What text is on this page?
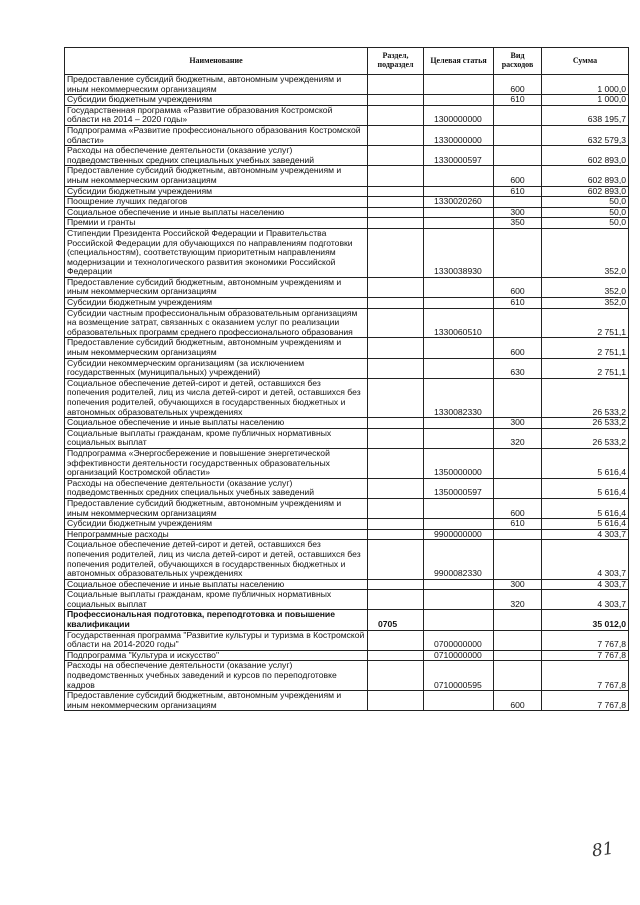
Наименование	Раздел, подраздел	Целевая статья	Вид расходов	Сумма
Предоставление субсидий бюджетным, автономным учреждениям и иным некоммерческим организациям			600	1 000,0
Субсидии бюджетным учреждениям			610	1 000,0
Государственная программа «Развитие образования Костромской области на 2014 – 2020 годы»		1300000000		638 195,7
Подпрограмма «Развитие профессионального образования Костромской области»		1330000000		632 579,3
Расходы на обеспечение деятельности (оказание услуг) подведомственных средних специальных учебных заведений		1330000597		602 893,0
Предоставление субсидий бюджетным, автономным учреждениям и иным некоммерческим организациям			600	602 893,0
Субсидии бюджетным учреждениям			610	602 893,0
Поощрение лучших педагогов		1330020260		50,0
Социальное обеспечение и иные выплаты населению			300	50,0
Премии и гранты			350	50,0
Стипендии Президента Российской Федерации и Правительства Российской Федерации для обучающихся по направлениям подготовки (специальностям), соответствующим приоритетным направлениям модернизации и технологического развития экономики Российской Федерации		1330038930		352,0
Предоставление субсидий бюджетным, автономным учреждениям и иным некоммерческим организациям			600	352,0
Субсидии бюджетным учреждениям			610	352,0
Субсидии частным профессиональным образовательным организациям на возмещение затрат, связанных с оказанием услуг по реализации образовательных программ среднего профессионального образования		1330060510		2 751,1
Предоставление субсидий бюджетным, автономным учреждениям и иным некоммерческим организациям			600	2 751,1
Субсидии некоммерческим организациям (за исключением государственных (муниципальных) учреждений)			630	2 751,1
Социальное обеспечение детей-сирот и детей, оставшихся без попечения родителей, лиц из числа детей-сирот и детей, оставшихся без попечения родителей, обучающихся в государственных бюджетных и автономных образовательных учреждениях		1330082330		26 533,2
Социальное обеспечение и иные выплаты населению			300	26 533,2
Социальные выплаты гражданам, кроме публичных нормативных социальных выплат			320	26 533,2
Подпрограмма «Энергосбережение и повышение энергетической эффективности деятельности государственных образовательных организаций Костромской области»		1350000000		5 616,4
Расходы на обеспечение деятельности (оказание услуг) подведомственных средних специальных учебных заведений		1350000597		5 616,4
Предоставление субсидий бюджетным, автономным учреждениям и иным некоммерческим организациям			600	5 616,4
Субсидии бюджетным учреждениям			610	5 616,4
Непрограммные расходы		9900000000		4 303,7
Социальное обеспечение детей-сирот и детей, оставшихся без попечения родителей, лиц из числа детей-сирот и детей, оставшихся без попечения родителей, обучающихся в государственных бюджетных и автономных образовательных учреждениях		9900082330		4 303,7
Социальное обеспечение и иные выплаты населению			300	4 303,7
Социальные выплаты гражданам, кроме публичных нормативных социальных выплат			320	4 303,7
Профессиональная подготовка, переподготовка и повышение квалификации	0705			35 012,0
Государственная программа "Развитие культуры и туризма в Костромской области на 2014-2020 годы"		0700000000		7 767,8
Подпрограмма "Культура и искусство"		0710000000		7 767,8
Расходы на обеспечение деятельности (оказание услуг) подведомственных учебных заведений и курсов по переподготовке кадров		0710000595		7 767,8
Предоставление субсидий бюджетным, автономным учреждениям и иным некоммерческим организациям			600	7 767,8
81
